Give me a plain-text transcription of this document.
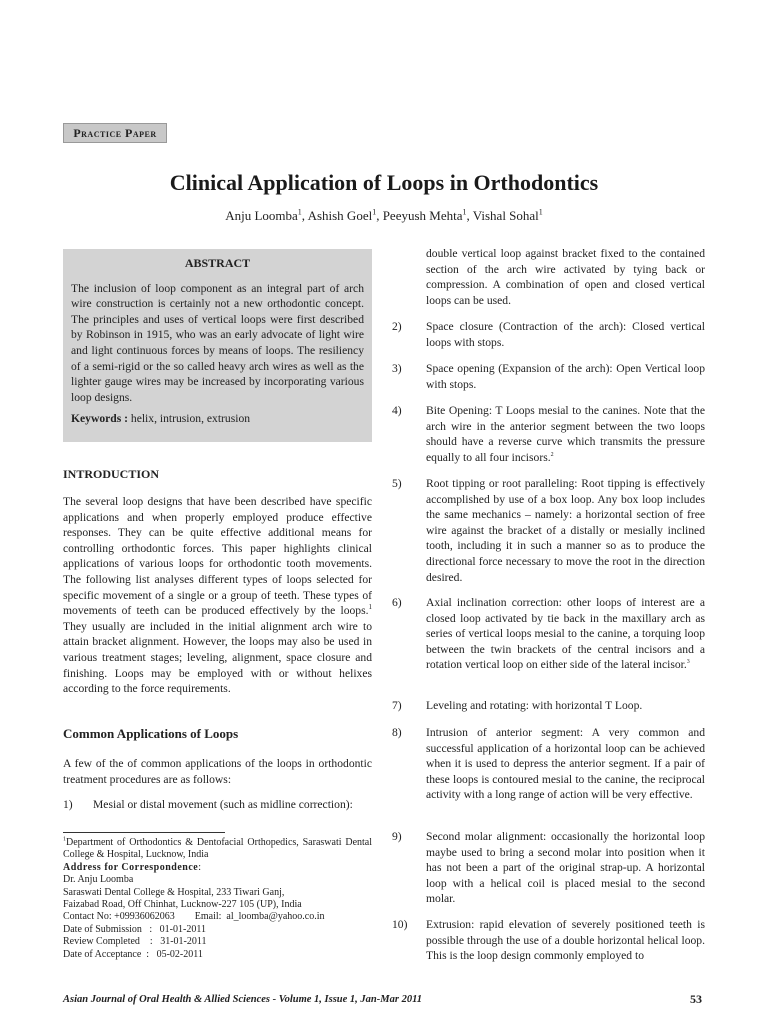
Practice Paper
Clinical Application of Loops in Orthodontics
Anju Loomba$^1$, Ashish Goel$^1$, Peeyush Mehta$^1$, Vishal Sohal$^1$
ABSTRACT

The inclusion of loop component as an integral part of arch wire construction is certainly not a new orthodontic concept. The principles and uses of vertical loops were first described by Robinson in 1915, who was an early advocate of light wire and light continuous forces by means of loops. The resiliency of a semi-rigid or the so called heavy arch wires as well as the lighter gauge wires may be increased by incorporating various loop designs.

Keywords : helix, intrusion, extrusion

INTRODUCTION

The several loop designs that have been described have specific applications and when properly employed produce effective responses. They can be quite effective additional means for controlling orthodontic forces. This paper highlights clinical applications of various loops for orthodontic tooth movements. The following list analyses different types of loops selected for specific movement of a single or a group of teeth. These types of movements of teeth can be produced effectively by the loops.$^1$ They usually are included in the initial alignment arch wire to attain bracket alignment. However, the loops may also be used in various treatment stages; leveling, alignment, space closure and finishing. Loops may be employed with or without helixes according to the force requirements.

Common Applications of Loops
A few of the of common applications of the loops in orthodontic treatment procedures are as follows:
1)	Mesial or distal movement (such as midline correction):
$^1$Department of Orthodontics & Dentofacial Orthopedics, Saraswati Dental College & Hospital, Lucknow, India
Address for Correspondence:
Dr. Anju Loomba
Saraswati Dental College & Hospital, 233 Tiwari Ganj,
Faizabad Road, Off Chinhat, Lucknow-227 105 (UP), India
Contact No: +09936062063        Email:  al_loomba@yahoo.co.in
Date of Submission   :   01-01-2011
Review Completed    :   31-01-2011
Date of Acceptance  :   05-02-2011
double vertical loop against bracket fixed to the contained section of the arch wire activated by tying back or compression. A combination of open and closed vertical loops can be used.
2)	Space closure (Contraction of the arch): Closed vertical loops with stops.
3)	Space opening (Expansion of the arch): Open Vertical loop with stops.
4)	Bite Opening: T Loops mesial to the canines. Note that the arch wire in the anterior segment between the two loops should have a reverse curve which transmits the pressure equally to all four incisors.$^2$
5)	Root tipping or root paralleling: Root tipping is effectively accomplished by use of a box loop. Any box loop includes the same mechanics – namely: a horizontal section of free wire against the bracket of a distally or mesially inclined tooth, including it in such a manner so as to produce the directional force necessary to move the root in the direction desired.
6)	Axial inclination correction: other loops of interest are a closed loop activated by tie back in the maxillary arch as series of vertical loops mesial to the canine, a torquing loop between the twin brackets of the central incisors and a rotation vertical loop on either side of the lateral incisor.$^3$
7)	Leveling and rotating: with horizontal T Loop.
8)	Intrusion of anterior segment: A very common and successful application of a horizontal loop can be achieved when it is used to depress the anterior segment. If a pair of these loops is contoured mesial to the canine, the reciprocal activity with a long range of action will be very effective.
9)	Second molar alignment: occasionally the horizontal loop maybe used to bring a second molar into position when it has not been a part of the original strap-up. A horizontal loop with a helical coil is placed mesial to the second molar.
10)	Extrusion: rapid elevation of severely positioned teeth is possible through the use of a double horizontal helical loop. This is the loop design commonly employed to
Asian Journal of Oral Health & Allied Sciences - Volume 1, Issue 1, Jan-Mar 2011	53
